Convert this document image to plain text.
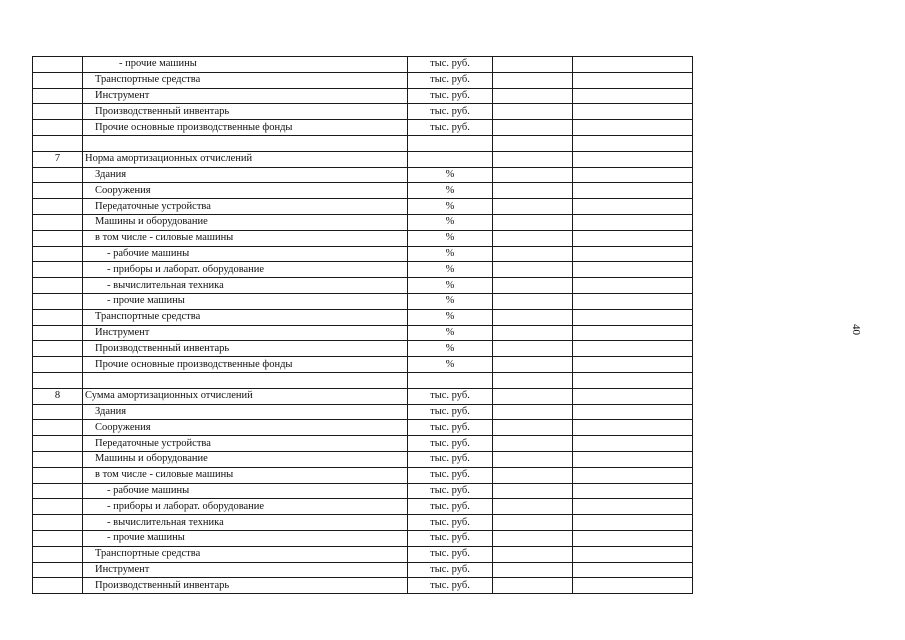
	- прочие машины	тыс. руб.		
	Транспортные средства	тыс. руб.		
	Инструмент	тыс. руб.		
	Производственный инвентарь	тыс. руб.		
	Прочие основные производственные фонды	тыс. руб.		

7	Норма амортизационных отчислений			
	Здания	%		
	Сооружения	%		
	Передаточные устройства	%		
	Машины и оборудование	%		
	в том числе - силовые машины	%		
	- рабочие машины	%		
	- приборы и лаборат. оборудование	%		
	- вычислительная техника	%		
	- прочие машины	%		
	Транспортные средства	%		
	Инструмент	%		
	Производственный инвентарь	%		
	Прочие основные производственные фонды	%		

8	Сумма амортизационных отчислений	тыс. руб.		
	Здания	тыс. руб.		
	Сооружения	тыс. руб.		
	Передаточные устройства	тыс. руб.		
	Машины и оборудование	тыс. руб.		
	в том числе - силовые машины	тыс. руб.		
	- рабочие машины	тыс. руб.		
	- приборы и лаборат. оборудование	тыс. руб.		
	- вычислительная техника	тыс. руб.		
	- прочие машины	тыс. руб.		
	Транспортные средства	тыс. руб.		
	Инструмент	тыс. руб.		
	Производственный инвентарь	тыс. руб.		
40
